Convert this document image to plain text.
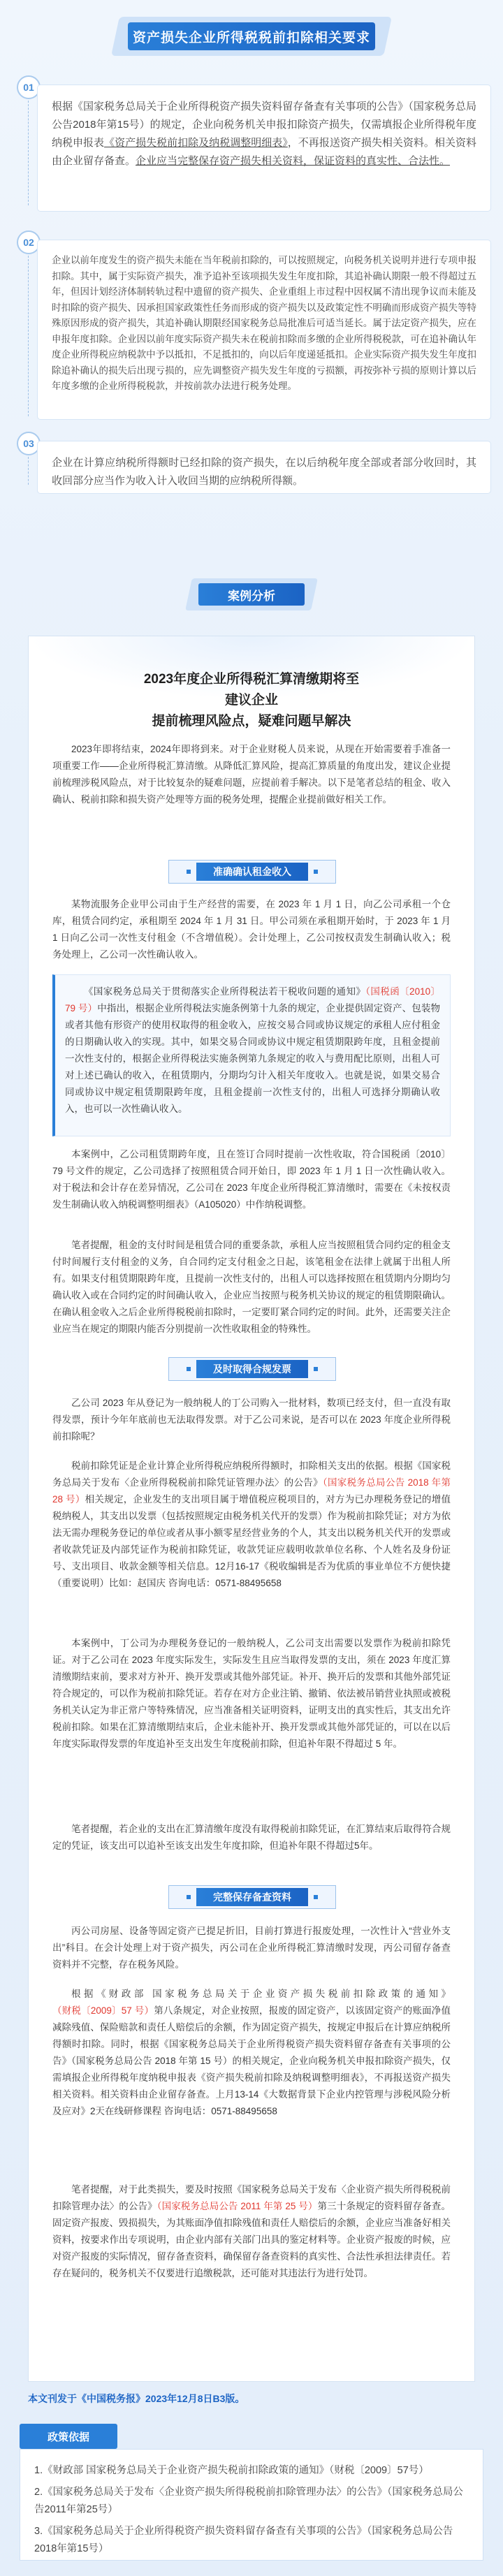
资产损失企业所得税税前扣除相关要求
01
根据《国家税务总局关于企业所得税资产损失资料留存备查有关事项的公告》（国家税务总局公告2018年第15号）的规定，企业向税务机关申报扣除资产损失，仅需填报企业所得税年度纳税申报表《资产损失税前扣除及纳税调整明细表》，不再报送资产损失相关资料。相关资料由企业留存备查。企业应当完整保存资产损失相关资料，保证资料的真实性、合法性。
02
企业以前年度发生的资产损失未能在当年税前扣除的，可以按照规定，向税务机关说明并进行专项申报扣除。其中，属于实际资产损失，准予追补至该项损失发生年度扣除，其追补确认期限一般不得超过五年，但因计划经济体制转轨过程中遗留的资产损失、企业重组上市过程中因权属不清出现争议而未能及时扣除的资产损失、因承担国家政策性任务而形成的资产损失以及政策定性不明确而形成资产损失等特殊原因形成的资产损失，其追补确认期限经国家税务总局批准后可适当延长。属于法定资产损失，应在申报年度扣除。企业因以前年度实际资产损失未在税前扣除而多缴的企业所得税税款，可在追补确认年度企业所得税应纳税款中予以抵扣，不足抵扣的，向以后年度递延抵扣。企业实际资产损失发生年度扣除追补确认的损失后出现亏损的，应先调整资产损失发生年度的亏损额，再按弥补亏损的原则计算以后年度多缴的企业所得税税款，并按前款办法进行税务处理。
03
企业在计算应纳税所得额时已经扣除的资产损失，在以后纳税年度全部或者部分收回时，其收回部分应当作为收入计入收回当期的应纳税所得额。
案例分析
2023年度企业所得税汇算清缴期将至
建议企业
提前梳理风险点，疑难问题早解决
2023年即将结束，2024年即将到来。对于企业财税人员来说，从现在开始需要着手准备一项重要工作——企业所得税汇算清缴。从降低汇算风险，提高汇算质量的角度出发，建议企业提前梳理涉税风险点，对于比较复杂的疑难问题，应提前着手解决。以下是笔者总结的租金、收入确认、税前扣除和损失资产处理等方面的税务处理，提醒企业提前做好相关工作。
准确确认租金收入
某物流服务企业甲公司由于生产经营的需要，在 2023 年 1 月 1 日，向乙公司承租一个仓库，租赁合同约定，承租期至 2024 年 1 月 31 日。甲公司须在承租期开始时，于 2023 年 1 月 1 日向乙公司一次性支付租金（不含增值税）。会计处理上，乙公司按权责发生制确认收入；税务处理上，乙公司一次性确认收入。
《国家税务总局关于贯彻落实企业所得税法若干税收问题的通知》（国税函〔2010〕79 号）中指出，根据企业所得税法实施条例第十九条的规定，企业提供固定资产、包装物或者其他有形资产的使用权取得的租金收入，应按交易合同或协议规定的承租人应付租金的日期确认收入的实现。其中，如果交易合同或协议中规定租赁期限跨年度，且租金提前一次性支付的，根据企业所得税法实施条例第九条规定的收入与费用配比原则，出租人可对上述已确认的收入，在租赁期内，分期均匀计入相关年度收入。也就是说，如果交易合同或协议中规定租赁期限跨年度，且租金提前一次性支付的，出租人可选择分期确认收入，也可以一次性确认收入。
本案例中，乙公司租赁期跨年度，且在签订合同时提前一次性收取，符合国税函〔2010〕79 号文件的规定，乙公司选择了按照租赁合同开始日，即 2023 年 1 月 1 日一次性确认收入。对于税法和会计存在差异情况，乙公司在 2023 年度企业所得税汇算清缴时，需要在《未按权责发生制确认收入纳税调整明细表》（A105020）中作纳税调整。
笔者提醒，租金的支付时间是租赁合同的重要条款，承租人应当按照租赁合同约定的租金支付时间履行支付租金的义务，自合同约定支付租金之日起，该笔租金在法律上就属于出租人所有。如果支付租赁期限跨年度，且提前一次性支付的，出租人可以选择按照在租赁期内分期均匀确认收入或在合同约定的时间确认收入，企业应当按照与税务机关协议的规定的租赁期限确认。在确认租金收入之后企业所得税税前扣除时，一定要盯紧合同约定的时间。此外，还需要关注企业应当在规定的期限内能否分别提前一次性收取租金的特殊性。
及时取得合规发票
乙公司 2023 年从登记为一般纳税人的丁公司购入一批材料，数项已经支付，但一直没有取得发票，预计今年年底前也无法取得发票。对于乙公司来说，是否可以在 2023 年度企业所得税前扣除呢？
税前扣除凭证是企业计算企业所得税应纳税所得额时，扣除相关支出的依据。根据《国家税务总局关于发布〈企业所得税税前扣除凭证管理办法〉的公告》（国家税务总局公告 2018 年第 28 号）相关规定，企业发生的支出项目属于增值税应税项目的，对方为已办理税务登记的增值税纳税人，其支出以发票（包括按照规定由税务机关代开的发票）作为税前扣除凭证；对方为依法无需办理税务登记的单位或者从事小额零星经营业务的个人，其支出以税务机关代开的发票或者收款凭证及内部凭证作为税前扣除凭证，收款凭证应载明收款单位名称、个人姓名及身份证号、支出项目、收款金额等相关信息。12月16-17《税收编辑是否为优质的事业单位不方便快捷（重要说明）比如：赵国庆 咨询电话：0571-88495658
本案例中，丁公司为办理税务登记的一般纳税人，乙公司支出需要以发票作为税前扣除凭证。对于乙公司在 2023 年度实际发生，实际发生且应当取得发票的支出，须在 2023 年度汇算清缴期结束前，要求对方补开、换开发票或其他外部凭证。补开、换开后的发票和其他外部凭证符合规定的，可以作为税前扣除凭证。若存在对方企业注销、撤销、依法被吊销营业执照或被税务机关认定为非正常户等特殊情况，应当准备相关证明资料，证明支出的真实性后，其支出允许税前扣除。如果在汇算清缴期结束后，企业未能补开、换开发票或其他外部凭证的，可以在以后年度实际取得发票的年度追补至支出发生年度税前扣除，但追补年限不得超过 5 年。
笔者提醒，若企业的支出在汇算清缴年度没有取得税前扣除凭证，在汇算结束后取得符合规定的凭证，该支出可以追补至该支出发生年度扣除，但追补年限不得超过5年。
完整保存备查资料
丙公司房屋、设备等固定资产已提足折旧，目前打算进行报废处理，一次性计入“营业外支出”科目。在会计处理上对于资产损失，丙公司在企业所得税汇算清缴时发现，丙公司留存备查资料并不完整，存在税务风险。
根据《财政部 国家税务总局关于企业资产损失税前扣除政策的通知》（财税〔2009〕57 号）第八条规定，对企业按照，报废的固定资产，以该固定资产的账面净值减除残值、保险赔款和责任人赔偿后的余额，作为固定资产损失，按规定申报后在计算应纳税所得额时扣除。同时，根据《国家税务总局关于企业所得税资产损失资料留存备查有关事项的公告》（国家税务总局公告 2018 年第 15 号）的相关规定，企业向税务机关申报扣除资产损失，仅需填报企业所得税年度纳税申报表《资产损失税前扣除及纳税调整明细表》，不再报送资产损失相关资料。相关资料由企业留存备查。上月13-14《大数据背景下企业内控管理与涉税风险分析及应对》2天在线研修课程 咨询电话：0571-88495658
笔者提醒，对于此类损失，要及时按照《国家税务总局关于发布〈企业资产损失所得税税前扣除管理办法〉的公告》（国家税务总局公告 2011 年第 25 号）第三十条规定的资料留存备查。固定资产报废、毁损损失，为其账面净值扣除残值和责任人赔偿后的余额，企业应当准备好相关资料，按要求作出专项说明，由企业内部有关部门出具的鉴定材料等。企业资产报废的时候，应对资产报废的实际情况，留存备查资料，确保留存备查资料的真实性、合法性承担法律责任。若存在疑问的，税务机关不仅要进行追缴税款，还可能对其违法行为进行处罚。
本文刊发于《中国税务报》2023年12月8日B3版。
政策依据
1.《财政部 国家税务总局关于企业资产损失税前扣除政策的通知》（财税〔2009〕57号）
2.《国家税务总局关于发布〈企业资产损失所得税税前扣除管理办法〉的公告》（国家税务总局公告2011年第25号）
3.《国家税务总局关于企业所得税资产损失资料留存备查有关事项的公告》（国家税务总局公告2018年第15号）
